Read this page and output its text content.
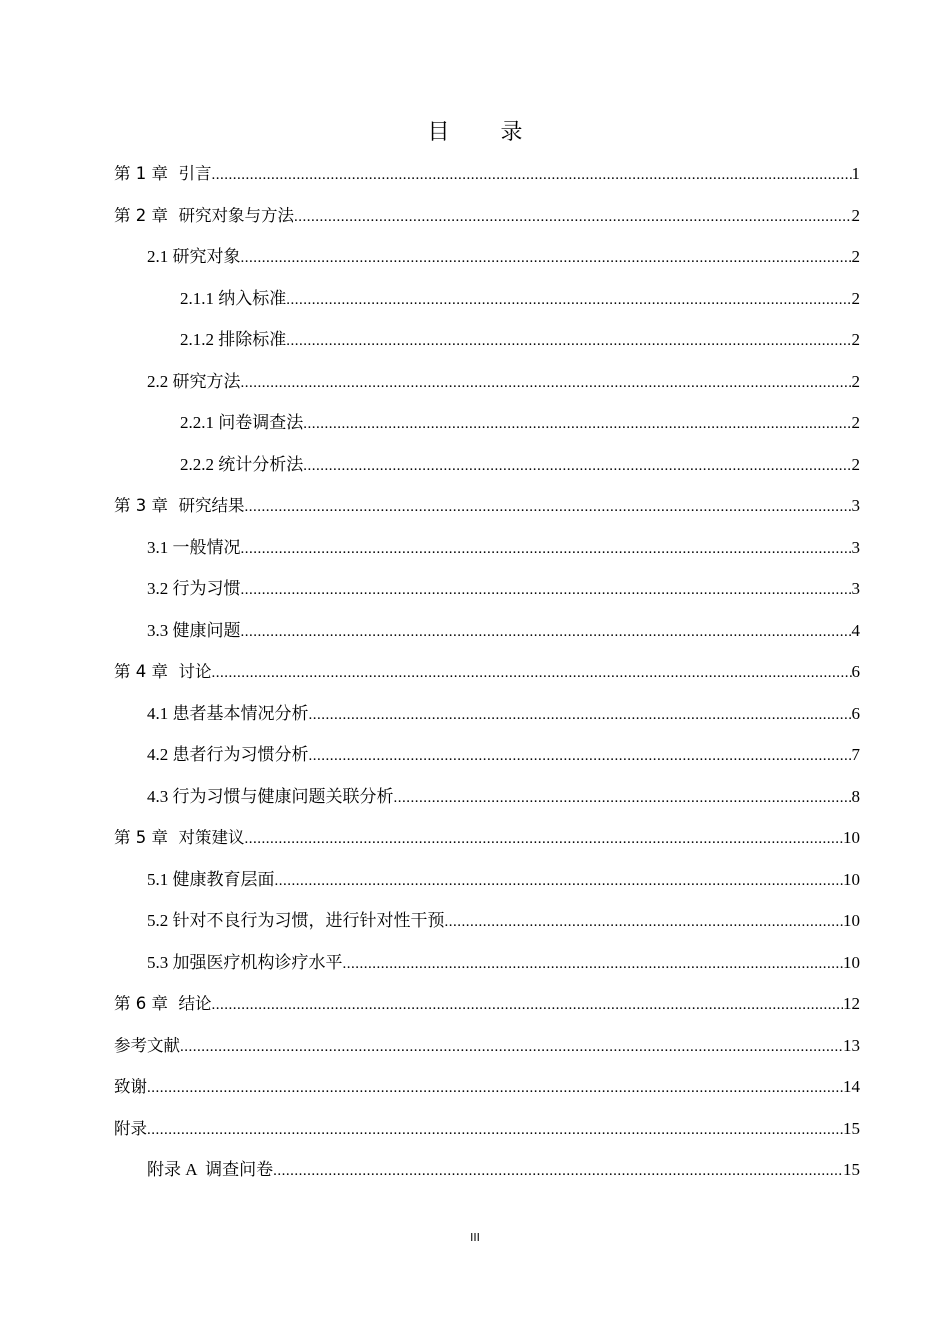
目 录
第 1 章  引言 .....	1
第 2 章  研究对象与方法 .....	2
2.1 研究对象 .....	2
2.1.1 纳入标准 .....	2
2.1.2 排除标准 .....	2
2.2 研究方法 .....	2
2.2.1 问卷调查法 .....	2
2.2.2 统计分析法 .....	2
第 3 章  研究结果 .....	3
3.1 一般情况 .....	3
3.2 行为习惯 .....	3
3.3 健康问题 .....	4
第 4 章  讨论 .....	6
4.1 患者基本情况分析 .....	6
4.2 患者行为习惯分析 .....	7
4.3 行为习惯与健康问题关联分析 .....	8
第 5 章  对策建议 .....	10
5.1 健康教育层面 .....	10
5.2 针对不良行为习惯，进行针对性干预 .....	10
5.3 加强医疗机构诊疗水平 .....	10
第 6 章  结论 .....	12
参考文献 .....	13
致谢 .....	14
附录 .....	15
附录 A  调查问卷 .....	15
III
